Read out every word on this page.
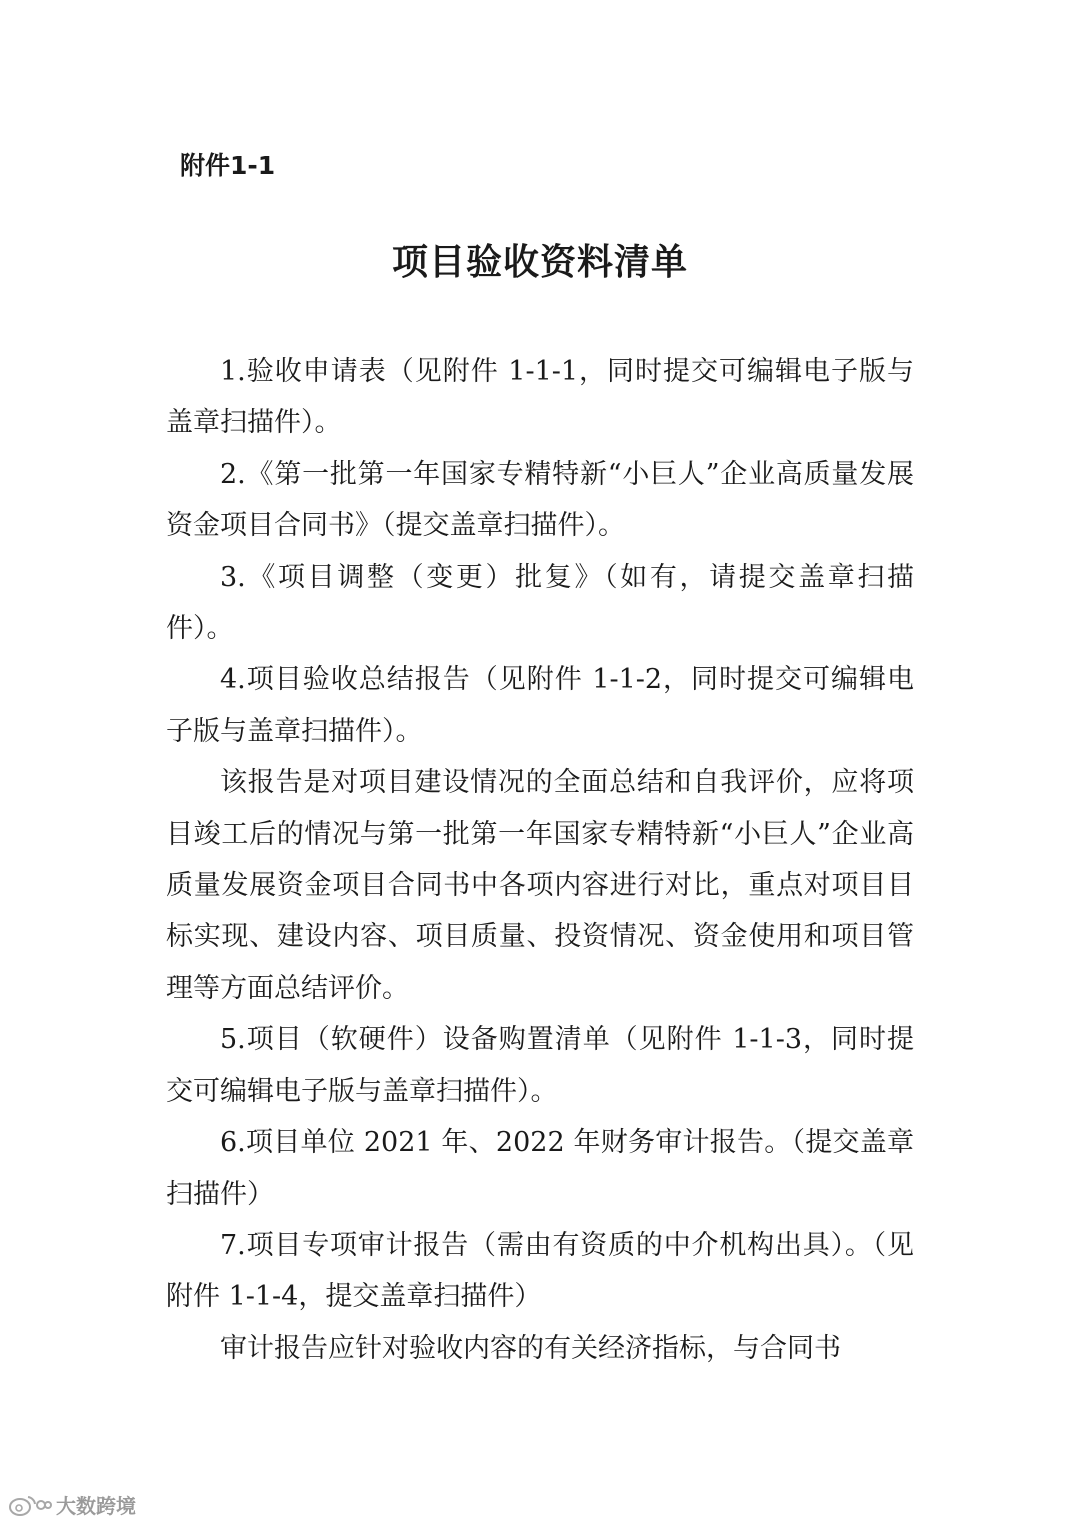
附件1-1
项目验收资料清单

1.验收申请表（见附件 1-1-1，同时提交可编辑电子版与盖章扫描件）。

2.《第一批第一年国家专精特新“小巨人”企业高质量发展资金项目合同书》（提交盖章扫描件）。

3.《项目调整（变更）批复》（如有，请提交盖章扫描件）。

4.项目验收总结报告（见附件 1-1-2，同时提交可编辑电子版与盖章扫描件）。

该报告是对项目建设情况的全面总结和自我评价，应将项目竣工后的情况与第一批第一年国家专精特新“小巨人”企业高质量发展资金项目合同书中各项内容进行对比，重点对项目目标实现、建设内容、项目质量、投资情况、资金使用和项目管理等方面总结评价。

5.项目（软硬件）设备购置清单（见附件 1-1-3，同时提交可编辑电子版与盖章扫描件）。

6.项目单位 2021 年、2022 年财务审计报告。（提交盖章扫描件）

7.项目专项审计报告（需由有资质的中介机构出具）。（见附件 1-1-4，提交盖章扫描件）

审计报告应针对验收内容的有关经济指标，与合同书

大数跨境
